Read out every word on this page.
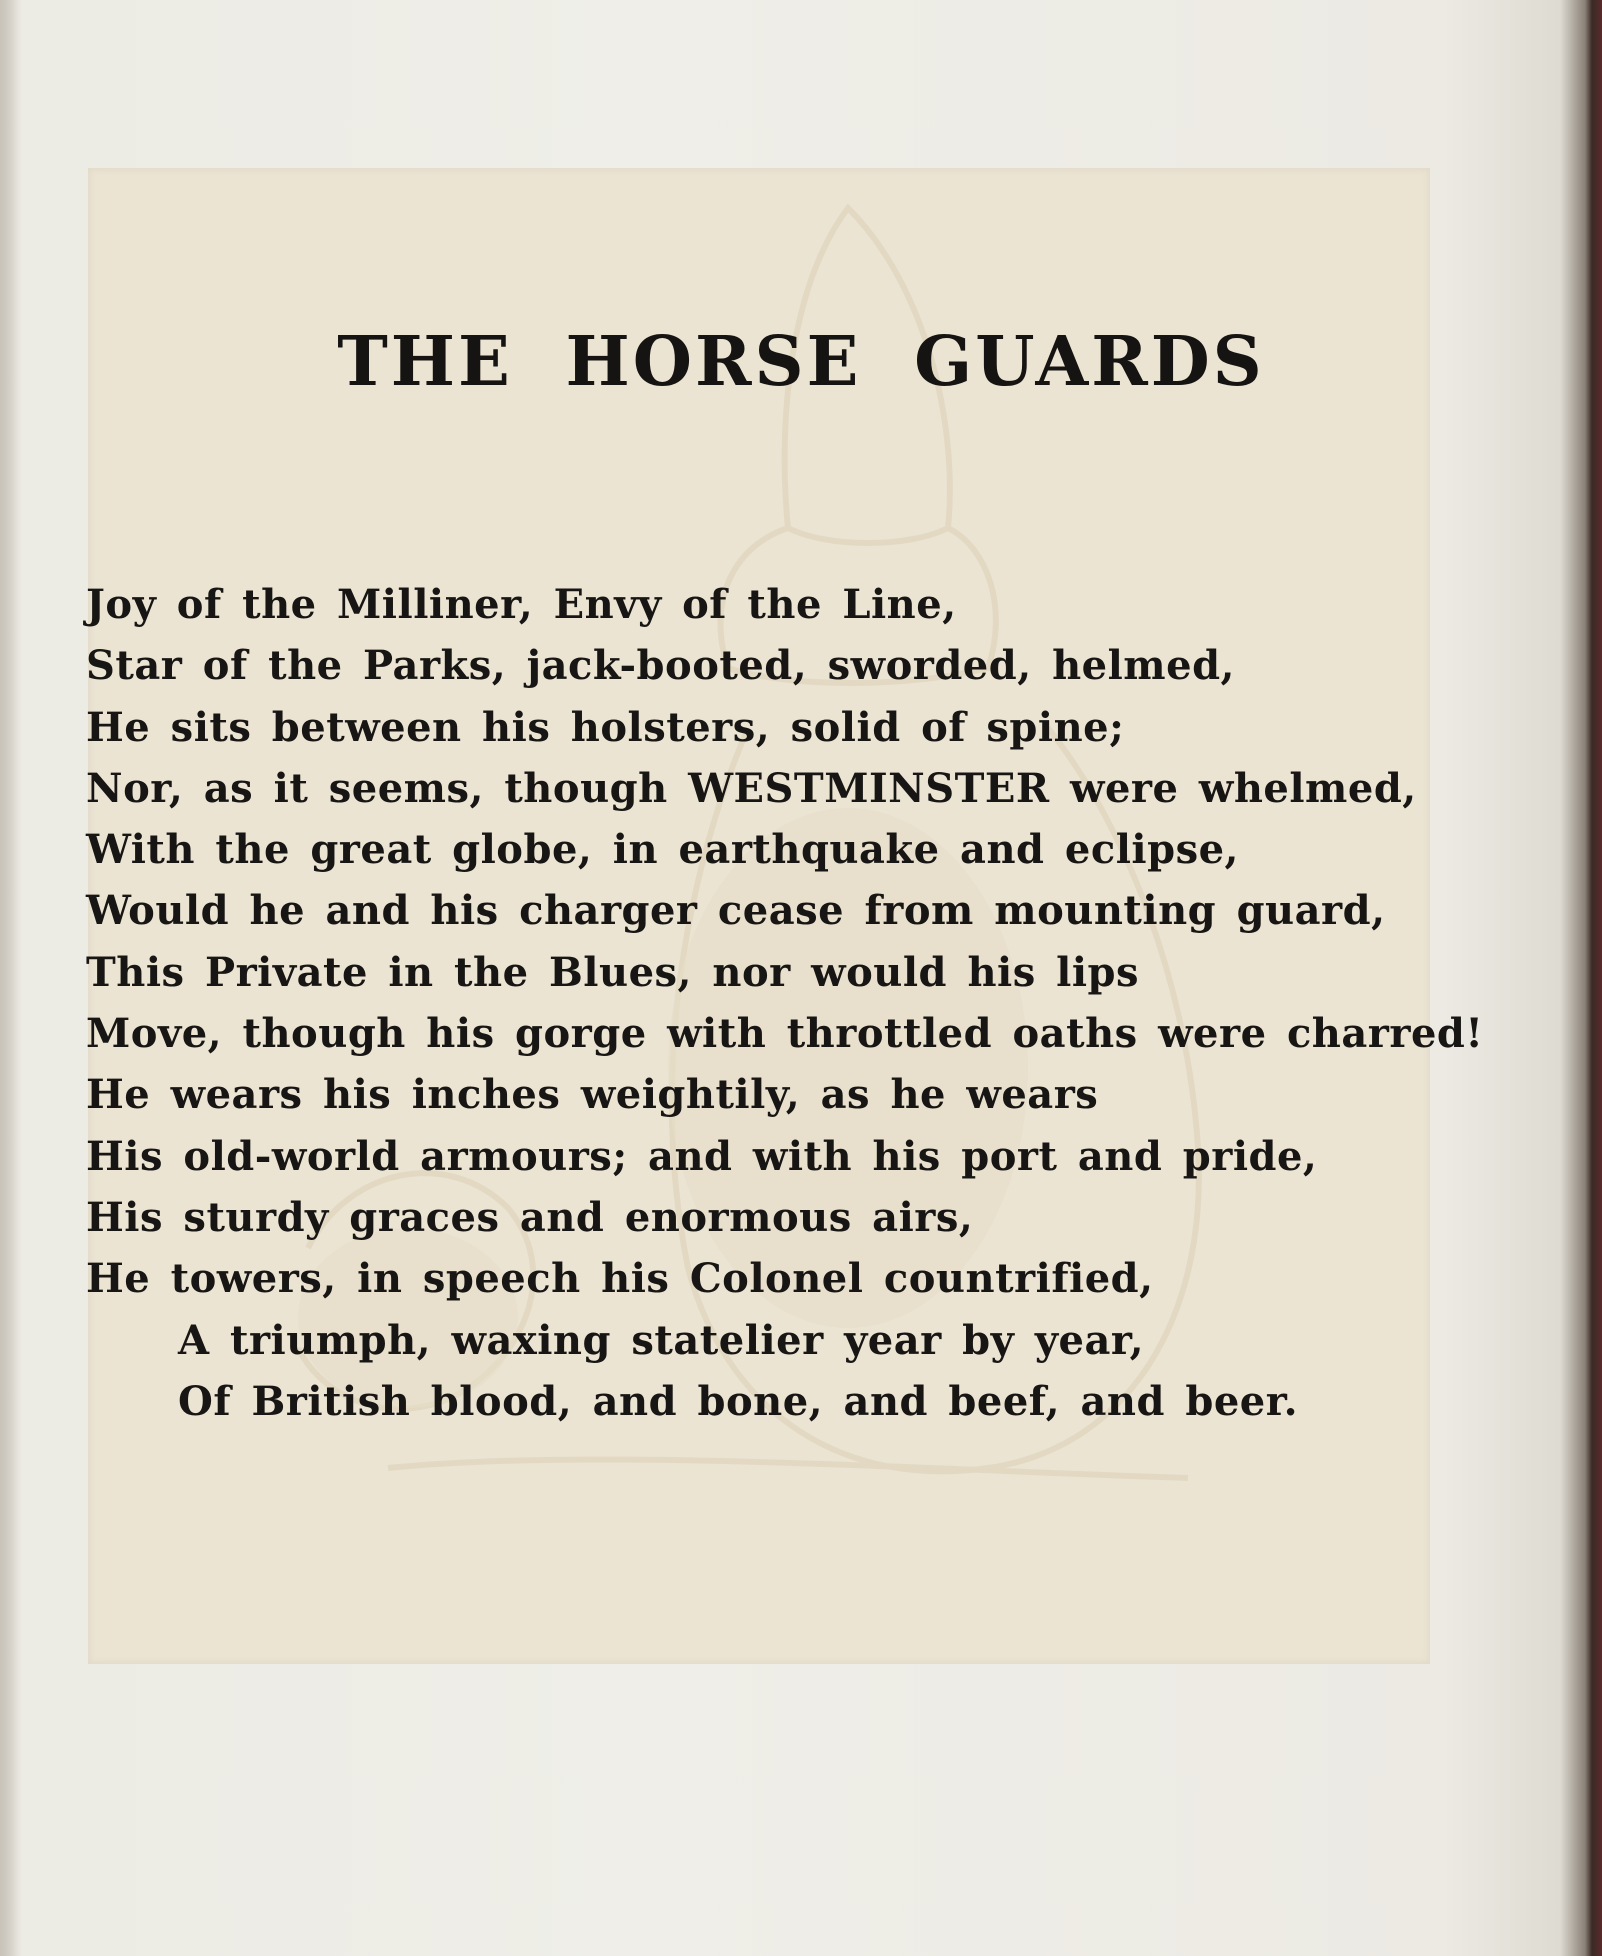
THE HORSE GUARDS
Joy of the Milliner, Envy of the Line,
Star of the Parks, jack-booted, sworded, helmed,
He sits between his holsters, solid of spine;
Nor, as it seems, though WESTMINSTER were whelmed,
With the great globe, in earthquake and eclipse,
Would he and his charger cease from mounting guard,
This Private in the Blues, nor would his lips
Move, though his gorge with throttled oaths were charred!
He wears his inches weightily, as he wears
His old-world armours; and with his port and pride,
His sturdy graces and enormous airs,
He towers, in speech his Colonel countrified,
A triumph, waxing statelier year by year,
Of British blood, and bone, and beef, and beer.
